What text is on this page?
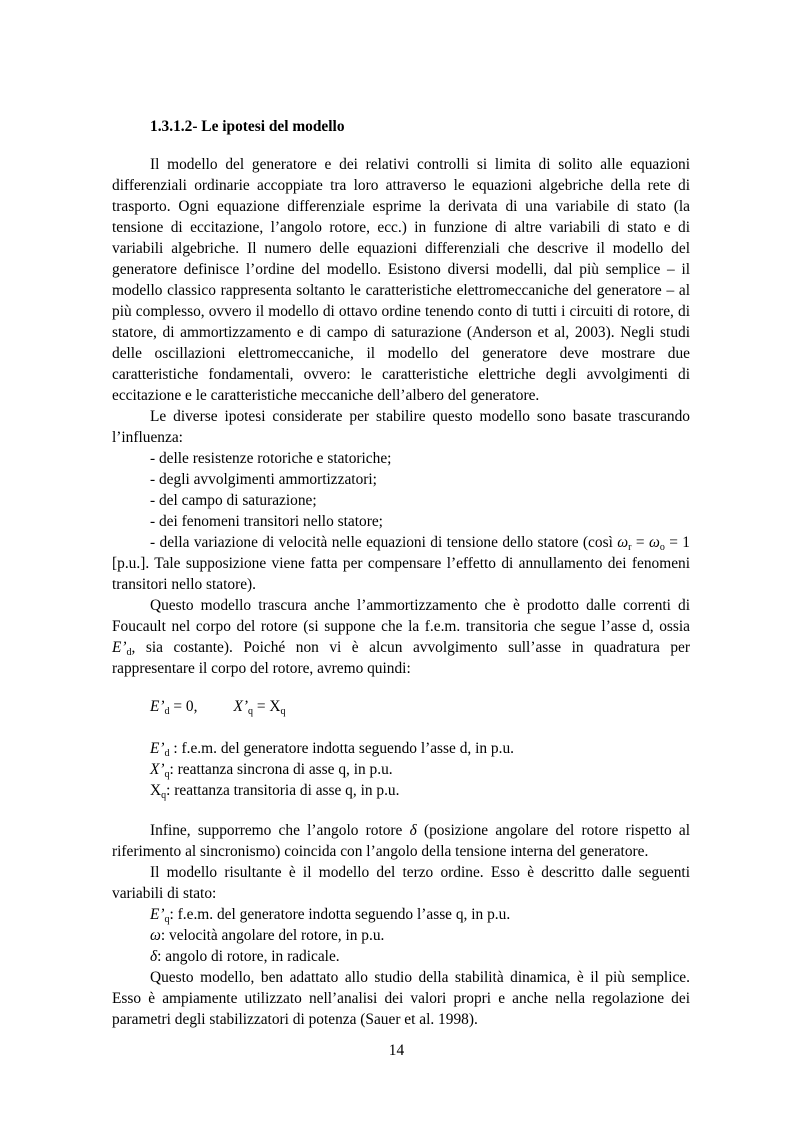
1.3.1.2- Le ipotesi del modello

Il modello del generatore e dei relativi controlli si limita di solito alle equazioni differenziali ordinarie accoppiate tra loro attraverso le equazioni algebriche della rete di trasporto. Ogni equazione differenziale esprime la derivata di una variabile di stato (la tensione di eccitazione, l’angolo rotore, ecc.) in funzione di altre variabili di stato e di variabili algebriche. Il numero delle equazioni differenziali che descrive il modello del generatore definisce l’ordine del modello. Esistono diversi modelli, dal più semplice – il modello classico rappresenta soltanto le caratteristiche elettromeccaniche del generatore – al più complesso, ovvero il modello di ottavo ordine tenendo conto di tutti i circuiti di rotore, di statore, di ammortizzamento e di campo di saturazione (Anderson et al, 2003). Negli studi delle oscillazioni elettromeccaniche, il modello del generatore deve mostrare due caratteristiche fondamentali, ovvero: le caratteristiche elettriche degli avvolgimenti di eccitazione e le caratteristiche meccaniche dell’albero del generatore.

Le diverse ipotesi considerate per stabilire questo modello sono basate trascurando l’influenza:

- delle resistenze rotoriche e statoriche;

- degli avvolgimenti ammortizzatori;

- del campo di saturazione;

- dei fenomeni transitori nello statore;

- della variazione di velocità nelle equazioni di tensione dello statore (così $\omega_r = \omega_o = 1$ [p.u.]. Tale supposizione viene fatta per compensare l’effetto di annullamento dei fenomeni transitori nello statore).

Questo modello trascura anche l’ammortizzamento che è prodotto dalle correnti di Foucault nel corpo del rotore (si suppone che la f.e.m. transitoria che segue l’asse d, ossia $E’_d$, sia costante). Poiché non vi è alcun avvolgimento sull’asse in quadratura per rappresentare il corpo del rotore, avremo quindi:

$E’_d = 0$, $X’_q = X_q$
$E’_d$ : f.e.m. del generatore indotta seguendo l’asse d, in p.u.
$X’_q$: reattanza sincrona di asse q, in p.u.
$X_q$: reattanza transitoria di asse q, in p.u.

Infine, supporremo che l’angolo rotore δ (posizione angolare del rotore rispetto al riferimento al sincronismo) coincida con l’angolo della tensione interna del generatore.

Il modello risultante è il modello del terzo ordine. Esso è descritto dalle seguenti variabili di stato:

$E’_q$: f.e.m. del generatore indotta seguendo l’asse q, in p.u.

ω: velocità angolare del rotore, in p.u.

δ: angolo di rotore, in radicale.

Questo modello, ben adattato allo studio della stabilità dinamica, è il più semplice. Esso è ampiamente utilizzato nell’analisi dei valori propri e anche nella regolazione dei parametri degli stabilizzatori di potenza (Sauer et al. 1998).

14
